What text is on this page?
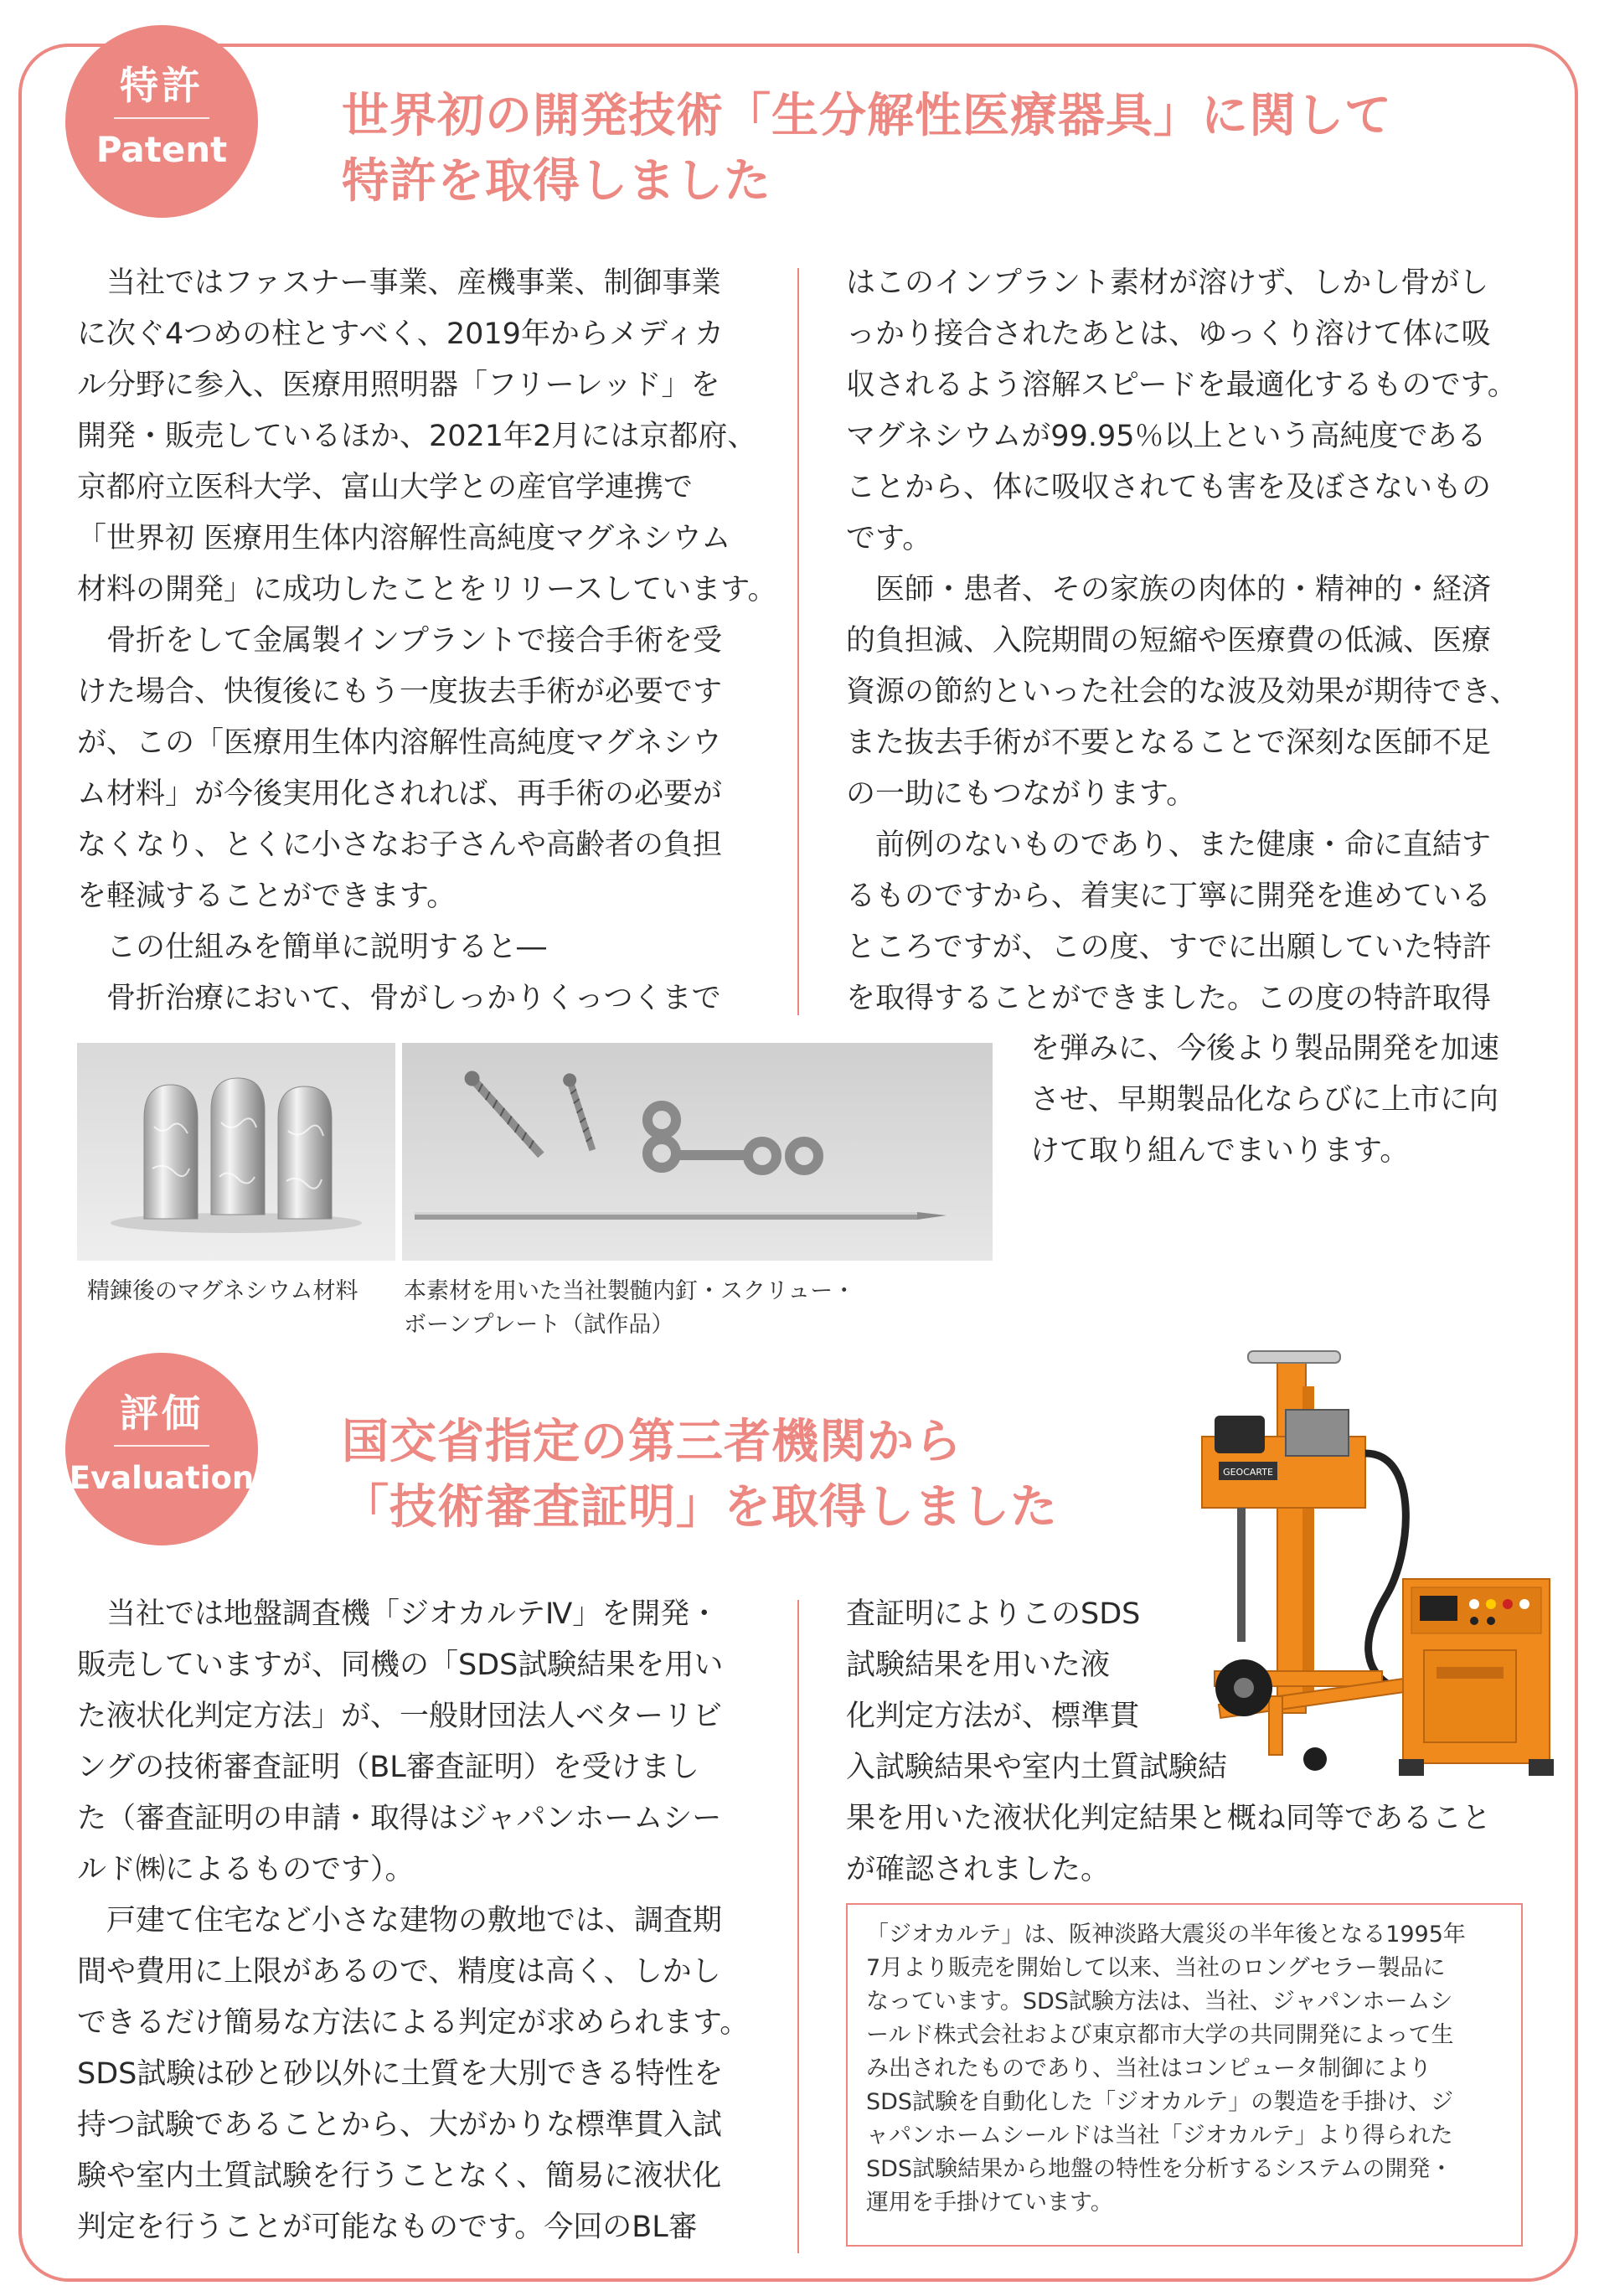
特許
Patent
世界初の開発技術「生分解性医療器具」に関して
特許を取得しました

当社ではファスナー事業、産機事業、制御事業
に次ぐ4つめの柱とすべく、2019年からメディカ
ル分野に参入、医療用照明器「フリーレッド」を
開発・販売しているほか、2021年2月には京都府、
京都府立医科大学、富山大学との産官学連携で
「世界初 医療用生体内溶解性高純度マグネシウム
材料の開発」に成功したことをリリースしています。

骨折をして金属製インプラントで接合手術を受
けた場合、快復後にもう一度抜去手術が必要です
が、この「医療用生体内溶解性高純度マグネシウ
ム材料」が今後実用化されれば、再手術の必要が
なくなり、とくに小さなお子さんや高齢者の負担
を軽減することができます。

この仕組みを簡単に説明すると―

骨折治療において、骨がしっかりくっつくまで

はこのインプラント素材が溶けず、しかし骨がし
っかり接合されたあとは、ゆっくり溶けて体に吸
収されるよう溶解スピードを最適化するものです。
マグネシウムが99.95％以上という高純度である
ことから、体に吸収されても害を及ぼさないもの
です。

医師・患者、その家族の肉体的・精神的・経済
的負担減、入院期間の短縮や医療費の低減、医療
資源の節約といった社会的な波及効果が期待でき、
また抜去手術が不要となることで深刻な医師不足
の一助にもつながります。

前例のないものであり、また健康・命に直結す
るものですから、着実に丁寧に開発を進めている
ところですが、この度、すでに出願していた特許
を取得することができました。この度の特許取得

を弾みに、今後より製品開発を加速
させ、早期製品化ならびに上市に向
けて取り組んでまいります。

精錬後のマグネシウム材料 本素材を用いた当社製髄内釘・スクリュー・
ボーンプレート（試作品）
評価
Evaluation
国交省指定の第三者機関から
「技術審査証明」を取得しました
GEOCARTE

当社では地盤調査機「ジオカルテⅣ」を開発・
販売していますが、同機の「SDS試験結果を用い
た液状化判定方法」が、一般財団法人ベターリビ
ングの技術審査証明（BL審査証明）を受けまし
た（審査証明の申請・取得はジャパンホームシー
ルド㈱によるものです）。

戸建て住宅など小さな建物の敷地では、調査期
間や費用に上限があるので、精度は高く、しかし
できるだけ簡易な方法による判定が求められます。
SDS試験は砂と砂以外に土質を大別できる特性を
持つ試験であることから、大がかりな標準貫入試
験や室内土質試験を行うことなく、簡易に液状化
判定を行うことが可能なものです。今回のBL審

査証明によりこのSDS
試験結果を用いた液
化判定方法が、標準貫
入試験結果や室内土質試験結

果を用いた液状化判定結果と概ね同等であること
が確認されました。

「ジオカルテ」は、阪神淡路大震災の半年後となる1995年
7月より販売を開始して以来、当社のロングセラー製品に
なっています。SDS試験方法は、当社、ジャパンホームシ
ールド株式会社および東京都市大学の共同開発によって生
み出されたものであり、当社はコンピュータ制御により
SDS試験を自動化した「ジオカルテ」の製造を手掛け、ジ
ャパンホームシールドは当社「ジオカルテ」より得られた
SDS試験結果から地盤の特性を分析するシステムの開発・
運用を手掛けています。
